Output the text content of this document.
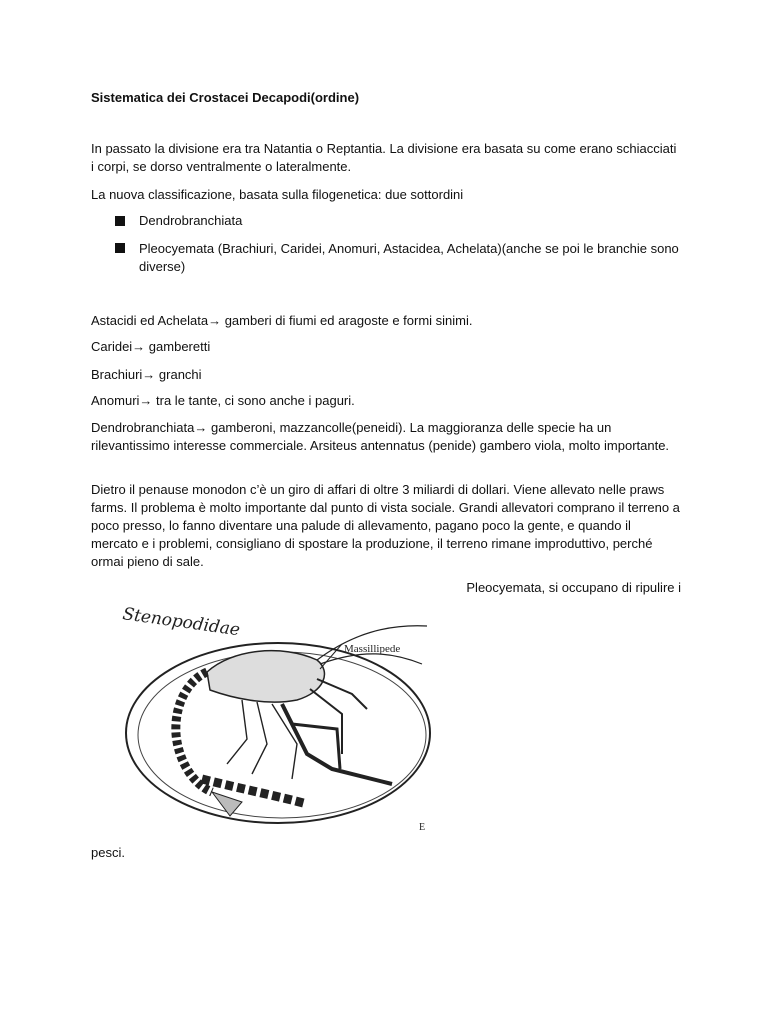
Sistematica dei Crostacei Decapodi(ordine)

In passato la divisione era tra Natantia o Reptantia. La divisione era basata su come erano schiacciati i corpi, se dorso ventralmente o lateralmente.

La nuova classificazione, basata sulla filogenetica: due sottordini

Dendrobranchiata

Pleocyemata (Brachiuri, Caridei, Anomuri, Astacidea, Achelata)(anche se poi le branchie sono diverse)

Astacidi ed Achelata→ gamberi di fiumi ed aragoste e formi sinimi.

Caridei→ gamberetti

Brachiuri→ granchi

Anomuri→ tra le tante, ci sono anche i paguri.

Dendrobranchiata→ gamberoni, mazzancolle(peneidi). La maggioranza delle specie ha un rilevantissimo interesse commerciale. Arsiteus antennatus (penide) gambero viola, molto importante.

Dietro il penause monodon c’è un giro di affari di oltre 3 miliardi di dollari. Viene allevato nelle praws farms. Il problema è molto importante dal punto di vista sociale. Grandi allevatori comprano il terreno a poco presso, lo fanno diventare una palude di allevamento, pagano poco la gente, e quando il mercato e i problemi, consigliano di spostare la produzione, il terreno rimane improduttivo, perché ormai pieno di sale.

Pleocyemata, si occupano di ripulire i

Stenopodidae
Massillipede
E

pesci.
